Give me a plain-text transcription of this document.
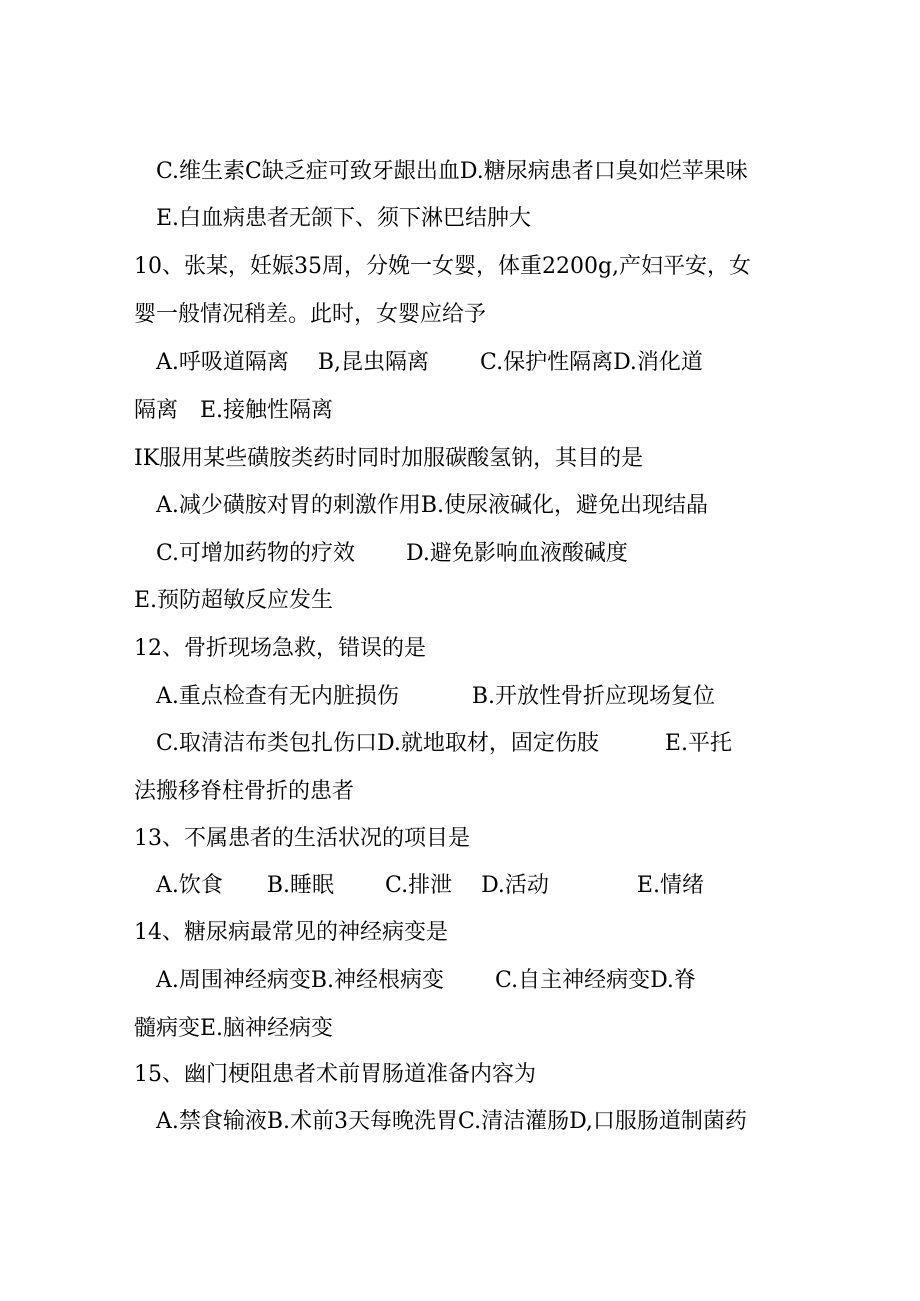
C.维生素C缺乏症可致牙龈出血D.糖尿病患者口臭如烂苹果味

E.白血病患者无颌下、须下淋巴结肿大

10、张某，妊娠35周，分娩一女婴，体重2200g,产妇平安，女

婴一般情况稍差。此时，女婴应给予

A.呼吸道隔离　 B,昆虫隔离　　 C.保护性隔离D.消化道

隔离　E.接触性隔离

IK服用某些磺胺类药时同时加服碳酸氢钠，其目的是

A.减少磺胺对胃的刺激作用B.使尿液碱化，避免出现结晶

C.可增加药物的疗效　　 D.避免影响血液酸碱度

E.预防超敏反应发生

12、骨折现场急救，错误的是

A.重点检查有无内脏损伤　　　 B.开放性骨折应现场复位

C.取清洁布类包扎伤口D.就地取材，固定伤肢　　　E.平托

法搬移脊柱骨折的患者

13、不属患者的生活状况的项目是

A.饮食　　B.睡眠　　 C.排泄　 D.活动　　　　E.情绪

14、糖尿病最常见的神经病变是

A.周围神经病变B.神经根病变　　 C.自主神经病变D.脊

髓病变E.脑神经病变

15、幽门梗阻患者术前胃肠道准备内容为

A.禁食输液B.术前3天每晚洗胃C.清洁灌肠D,口服肠道制菌药
